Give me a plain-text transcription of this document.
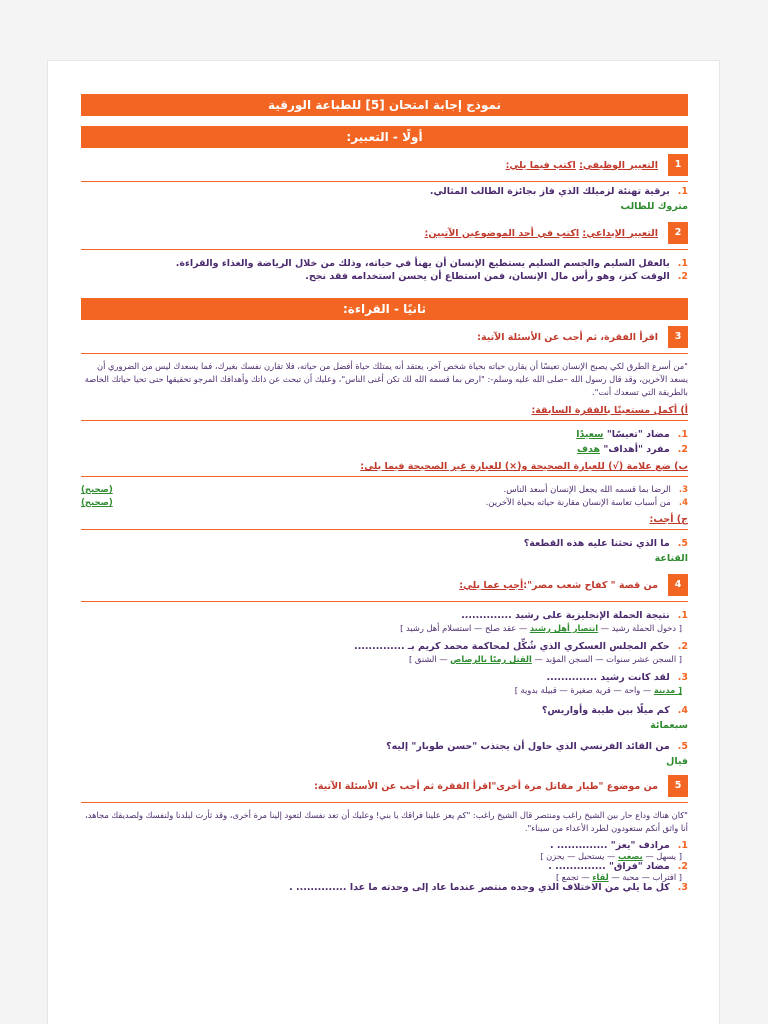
نموذج إجابة امتحان [5] للطباعة الورقية
أولًا - التعبير:
1
التعبير الوظيفي: اكتب فيما يلي:
1.
برقية تهنئة لزميلك الذي فاز بجائزة الطالب المثالي.
متروك للطالب
2
التعبير الإبداعي: اكتب في أحد الموضوعين الآتيين:
1.
بالعقل السليم والجسم السليم يستطيع الإنسان أن يهنأ في حياته، وذلك من خلال الرياضة والغذاء والقراءة.
2.
الوقت كنز، وهو رأس مال الإنسان، فمن استطاع أن يحسن استخدامه فقد نجح.
ثانيًا - القراءة:
3
اقرأ الفقرة، ثم أجب عن الأسئلة الآتية:
"من أسرع الطرق لكي يصبح الإنسان تعيسًا أن يقارن حياته بحياة شخص آخر، يعتقد أنه يمتلك حياة أفضل من حياته، فلا تقارن نفسك بغيرك، فما يسعدك ليس من الضروري أن يسعد الآخرين، وقد قال رسول الله –صلى الله عليه وسلم-: "ارض بما قسمه الله لك تكن أغنى الناس"، وعليك أن تبحث عن ذاتك وأهدافك المرجو تحقيقها حتى تحيا حياتك الخاصة بالطريقة التي تسعدك أنت".
أ) أكمل مستعينًا بالفقرة السابقة:
1.
مضاد "تعيسًا"

سعيدًا
2.
مفرد "أهداف"

هدف
ب) ضع علامة (√) للعبارة الصحيحة و(×) للعبارة غير الصحيحة فيما يلي:
3.الرضا بما قسمه الله يجعل الإنسان أسعد الناس.
(صحيح)
4.من أسباب تعاسة الإنسان مقارنة حياته بحياة الآخرين.
(صحيح)
ج) أجب:
5.
ما الذي تحثنا عليه هذه القطعة؟
القناعة
4
من قصة " كفاح شعب مصر":أجب عما يلي:
1.
نتيجة الحملة الإنجليزية على رشيد ..............
[ دخول الحملة رشيد — انتصار أهل رشيد — عقد صلح — استسلام أهل رشيد ]
2.
حكم المجلس العسكري الذي شُكِّل لمحاكمة محمد كريم بـ ..............
[ السجن عشر سنوات — السجن المؤبد — القتل رميًا بالرصاص — الشنق ]
3.
لقد كانت رشيد ..............
[ مدينة — واحة — قرية صغيرة — قبيلة بدوية ]
4.
كم ميلًا بين طيبة وأواريس؟
سبعمائة
5.
من القائد الفرنسي الذي حاول أن يجتذب "حسن طوبار" إليه؟
فيال
5
من موضوع "طيار مقاتل مرة أخرى"اقرأ الفقرة ثم أجب عن الأسئلة الآتية:
"كان هناك وداع حار بين الشيخ راغب ومنتصر قال الشيخ راغب: "كم يعز علينا فراقك يا بني! وعليك أن تعد نفسك لتعود إلينا مرة أخرى، وقد ثأرت لبلدنا ولنفسك ولصديقك مجاهد، أنا واثق أنكم ستعودون لطرد الأعداء من سيناء".
1.
مرادف "يعز" .............. .
[ يسهل — يصعب — يستحيل — يحزن ]
2.
مضاد "فراق" .............. .
[ افتراب — محبة — لقاء — تجمع ]
3.
كل ما يلي من الاختلاف الذي وجده منتصر عندما عاد إلى وحدته ما عدا .............. .
